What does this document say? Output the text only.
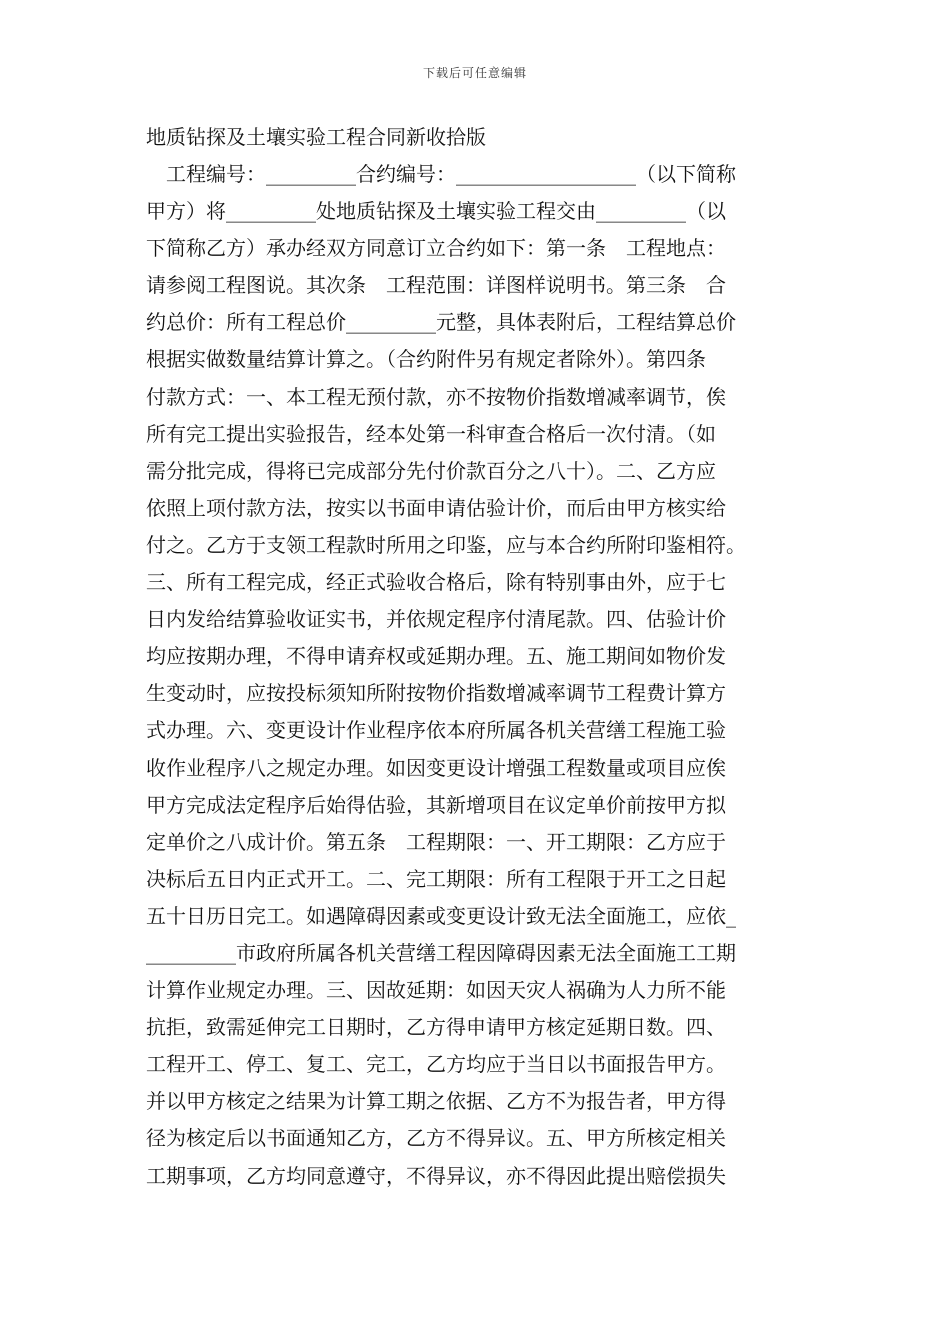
下载后可任意编辑
地质钻探及土壤实验工程合同新收拾版
　工程编号：_________合约编号：__________________（以下简称
甲方）将_________处地质钻探及土壤实验工程交由_________（以
下简称乙方）承办经双方同意订立合约如下：第一条　工程地点：
请参阅工程图说。其次条　工程范围：详图样说明书。第三条　合
约总价：所有工程总价_________元整，具体表附后，工程结算总价
根据实做数量结算计算之。（合约附件另有规定者除外）。第四条
付款方式：一、本工程无预付款，亦不按物价指数增减率调节，俟
所有完工提出实验报告，经本处第一科审查合格后一次付清。（如
需分批完成，得将已完成部分先付价款百分之八十）。二、乙方应
依照上项付款方法，按实以书面申请估验计价，而后由甲方核实给
付之。乙方于支领工程款时所用之印鉴，应与本合约所附印鉴相符。
三、所有工程完成，经正式验收合格后，除有特别事由外，应于七
日内发给结算验收证实书，并依规定程序付清尾款。四、估验计价
均应按期办理，不得申请弃权或延期办理。五、施工期间如物价发
生变动时，应按投标须知所附按物价指数增减率调节工程费计算方
式办理。六、变更设计作业程序依本府所属各机关营缮工程施工验
收作业程序八之规定办理。如因变更设计增强工程数量或项目应俟
甲方完成法定程序后始得估验，其新增项目在议定单价前按甲方拟
定单价之八成计价。第五条　工程期限：一、开工期限：乙方应于
决标后五日内正式开工。二、完工期限：所有工程限于开工之日起
五十日历日完工。如遇障碍因素或变更设计致无法全面施工，应依_
_________市政府所属各机关营缮工程因障碍因素无法全面施工工期
计算作业规定办理。三、因故延期：如因天灾人祸确为人力所不能
抗拒，致需延伸完工日期时，乙方得申请甲方核定延期日数。四、
工程开工、停工、复工、完工，乙方均应于当日以书面报告甲方。
并以甲方核定之结果为计算工期之依据、乙方不为报告者，甲方得
径为核定后以书面通知乙方，乙方不得异议。五、甲方所核定相关
工期事项，乙方均同意遵守，不得异议，亦不得因此提出赔偿损失
